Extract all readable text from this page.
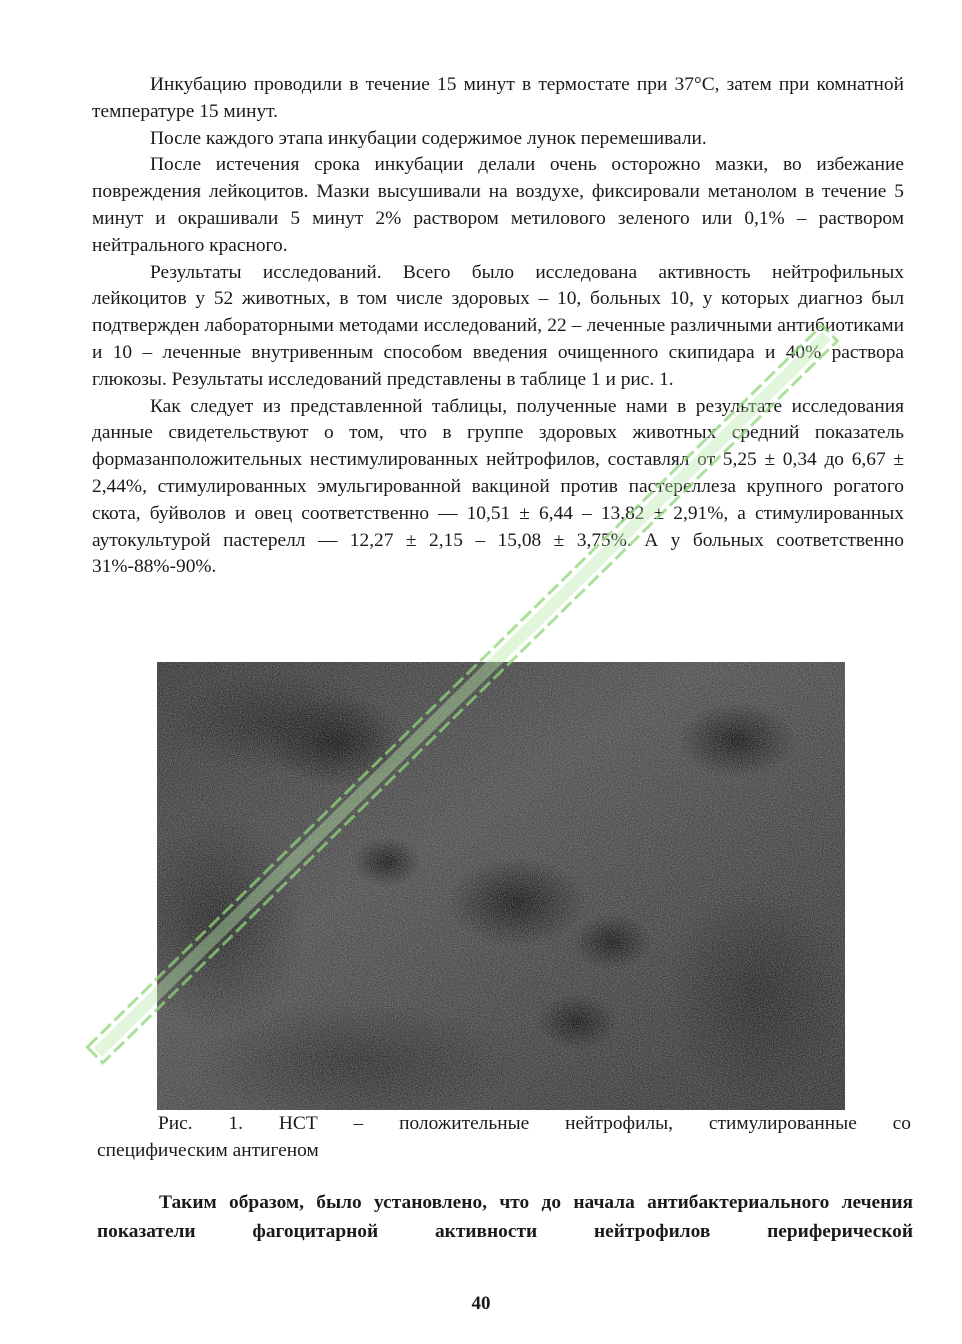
Инкубацию проводили в течение 15 минут в термостате при 37°С, затем при комнатной температуре 15 минут.

После каждого этапа инкубации содержимое лунок перемешивали.

После истечения срока инкубации делали очень осторожно мазки, во избежание повреждения лейкоцитов. Мазки высушивали на воздухе, фиксировали метанолом в течение 5 минут и окрашивали 5 минут 2% раствором метилового зеленого или 0,1% – раствором нейтрального красного.

Результаты исследований. Всего было исследована активность нейтрофильных лейкоцитов у 52 животных, в том числе здоровых – 10, больных 10, у которых диагноз был подтвержден лабораторными методами исследований, 22 – леченные различными антибиотиками и 10 – леченные внутривенным способом введения очищенного скипидара и 40% раствора глюкозы. Результаты исследований представлены в таблице 1 и рис. 1.

Как следует из представленной таблицы, полученные нами в результате исследования данные свидетельствуют о том, что в группе здоровых животных средний показатель формазанположительных нестимулированных нейтрофилов, составлял от 5,25 ± 0,34 до 6,67 ± 2,44%, стимулированных эмульгированной вакциной против пастереллеза крупного рогатого скота, буйволов и овец соответственно — 10,51 ± 6,44 – 13,82 ± 2,91%, а стимулированных аутокультурой пастерелл — 12,27 ± 2,15 – 15,08 ± 3,75%. А у больных соответственно 31%-88%-90%.

Рис. 1. НСТ – положительные нейтрофилы, стимулированные со
специфическим антигеном

Таким образом, было установлено, что до начала антибактериального лечения показатели фагоцитарной активности нейтрофилов периферической

40
